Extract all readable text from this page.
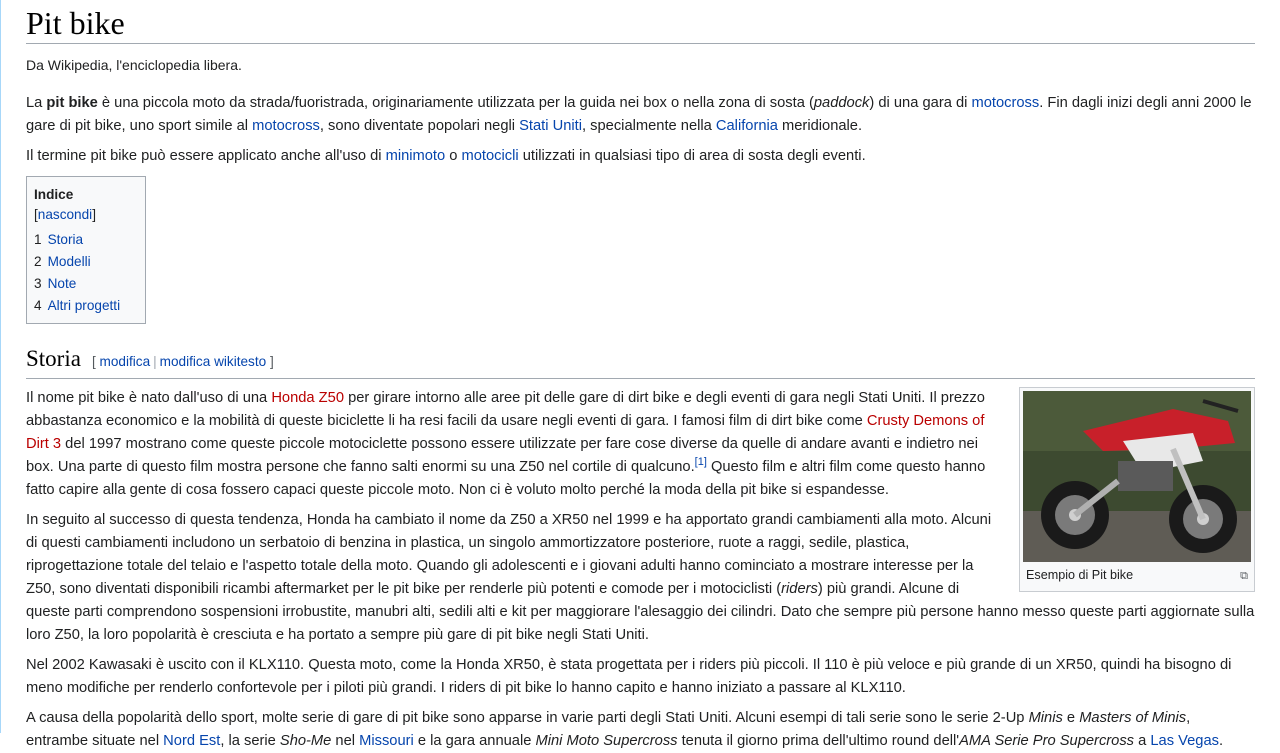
Pit bike
Da Wikipedia, l'enciclopedia libera.

La pit bike è una piccola moto da strada/fuoristrada, originariamente utilizzata per la guida nei box o nella zona di sosta (paddock) di una gara di motocross. Fin dagli inizi degli anni 2000 le gare di pit bike, uno sport simile al motocross, sono diventate popolari negli Stati Uniti, specialmente nella California meridionale.

Il termine pit bike può essere applicato anche all'uso di minimoto o motocicli utilizzati in qualsiasi tipo di area di sosta degli eventi.

Indice [nascondi]
1 Storia
2 Modelli
3 Note
4 Altri progetti
Storia [ modifica | modifica wikitesto ]
Esempio di Pit bike	⧉

Il nome pit bike è nato dall'uso di una Honda Z50 per girare intorno alle aree pit delle gare di dirt bike e degli eventi di gara negli Stati Uniti. Il prezzo abbastanza economico e la mobilità di queste biciclette li ha resi facili da usare negli eventi di gara. I famosi film di dirt bike come Crusty Demons of Dirt 3 del 1997 mostrano come queste piccole motociclette possono essere utilizzate per fare cose diverse da quelle di andare avanti e indietro nei box. Una parte di questo film mostra persone che fanno salti enormi su una Z50 nel cortile di qualcuno.[1] Questo film e altri film come questo hanno fatto capire alla gente di cosa fossero capaci queste piccole moto. Non ci è voluto molto perché la moda della pit bike si espandesse.

In seguito al successo di questa tendenza, Honda ha cambiato il nome da Z50 a XR50 nel 1999 e ha apportato grandi cambiamenti alla moto. Alcuni di questi cambiamenti includono un serbatoio di benzina in plastica, un singolo ammortizzatore posteriore, ruote a raggi, sedile, plastica, riprogettazione totale del telaio e l'aspetto totale della moto. Quando gli adolescenti e i giovani adulti hanno cominciato a mostrare interesse per la Z50, sono diventati disponibili ricambi aftermarket per le pit bike per renderle più potenti e comode per i motociclisti (riders) più grandi. Alcune di queste parti comprendono sospensioni irrobustite, manubri alti, sedili alti e kit per maggiorare l'alesaggio dei cilindri. Dato che sempre più persone hanno messo queste parti aggiornate sulla loro Z50, la loro popolarità è cresciuta e ha portato a sempre più gare di pit bike negli Stati Uniti.

Nel 2002 Kawasaki è uscito con il KLX110. Questa moto, come la Honda XR50, è stata progettata per i riders più piccoli. Il 110 è più veloce e più grande di un XR50, quindi ha bisogno di meno modifiche per renderlo confortevole per i piloti più grandi. I riders di pit bike lo hanno capito e hanno iniziato a passare al KLX110.

A causa della popolarità dello sport, molte serie di gare di pit bike sono apparse in varie parti degli Stati Uniti. Alcuni esempi di tali serie sono le serie 2-Up Minis e Masters of Minis, entrambe situate nel Nord Est, la serie Sho-Me nel Missouri e la gara annuale Mini Moto Supercross tenuta il giorno prima dell'ultimo round dell'AMA Serie Pro Supercross a Las Vegas.
